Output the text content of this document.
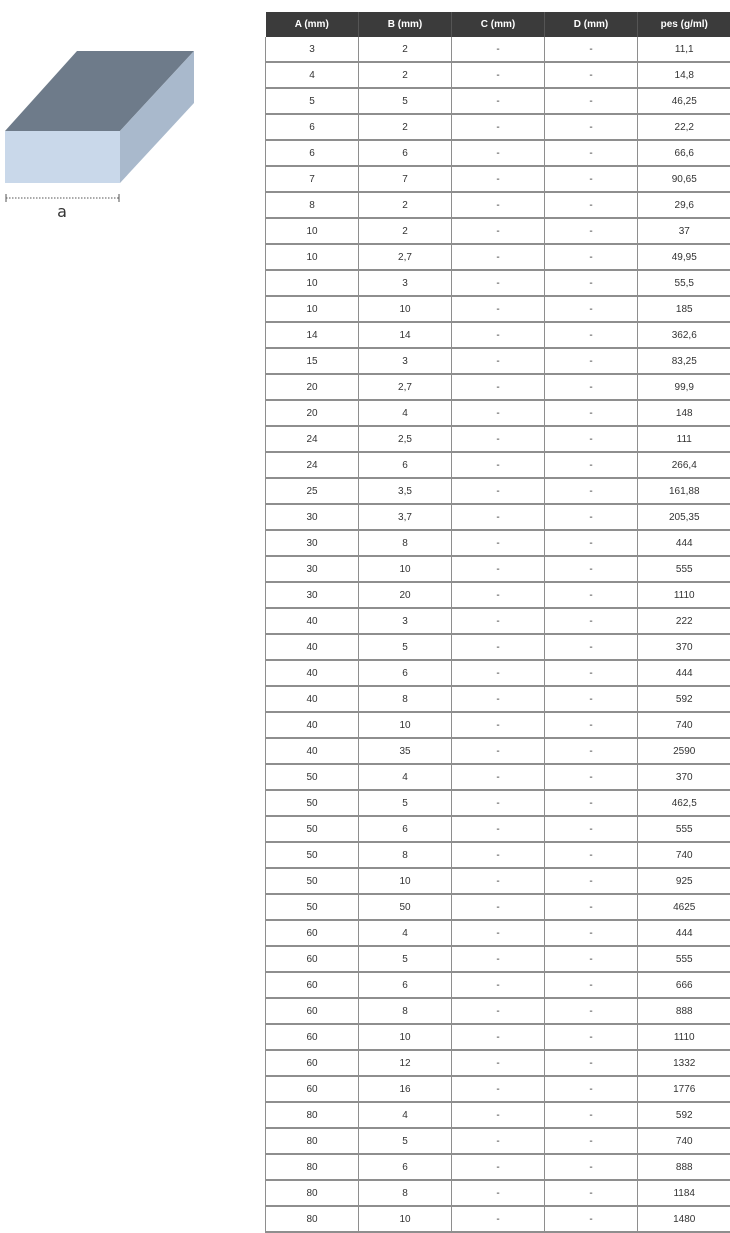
a
A (mm)	B (mm)	C (mm)	D (mm)	pes (g/ml)
3	2	-	-	11,1
4	2	-	-	14,8
5	5	-	-	46,25
6	2	-	-	22,2
6	6	-	-	66,6
7	7	-	-	90,65
8	2	-	-	29,6
10	2	-	-	37
10	2,7	-	-	49,95
10	3	-	-	55,5
10	10	-	-	185
14	14	-	-	362,6
15	3	-	-	83,25
20	2,7	-	-	99,9
20	4	-	-	148
24	2,5	-	-	111
24	6	-	-	266,4
25	3,5	-	-	161,88
30	3,7	-	-	205,35
30	8	-	-	444
30	10	-	-	555
30	20	-	-	1110
40	3	-	-	222
40	5	-	-	370
40	6	-	-	444
40	8	-	-	592
40	10	-	-	740
40	35	-	-	2590
50	4	-	-	370
50	5	-	-	462,5
50	6	-	-	555
50	8	-	-	740
50	10	-	-	925
50	50	-	-	4625
60	4	-	-	444
60	5	-	-	555
60	6	-	-	666
60	8	-	-	888
60	10	-	-	1110
60	12	-	-	1332
60	16	-	-	1776
80	4	-	-	592
80	5	-	-	740
80	6	-	-	888
80	8	-	-	1184
80	10	-	-	1480
